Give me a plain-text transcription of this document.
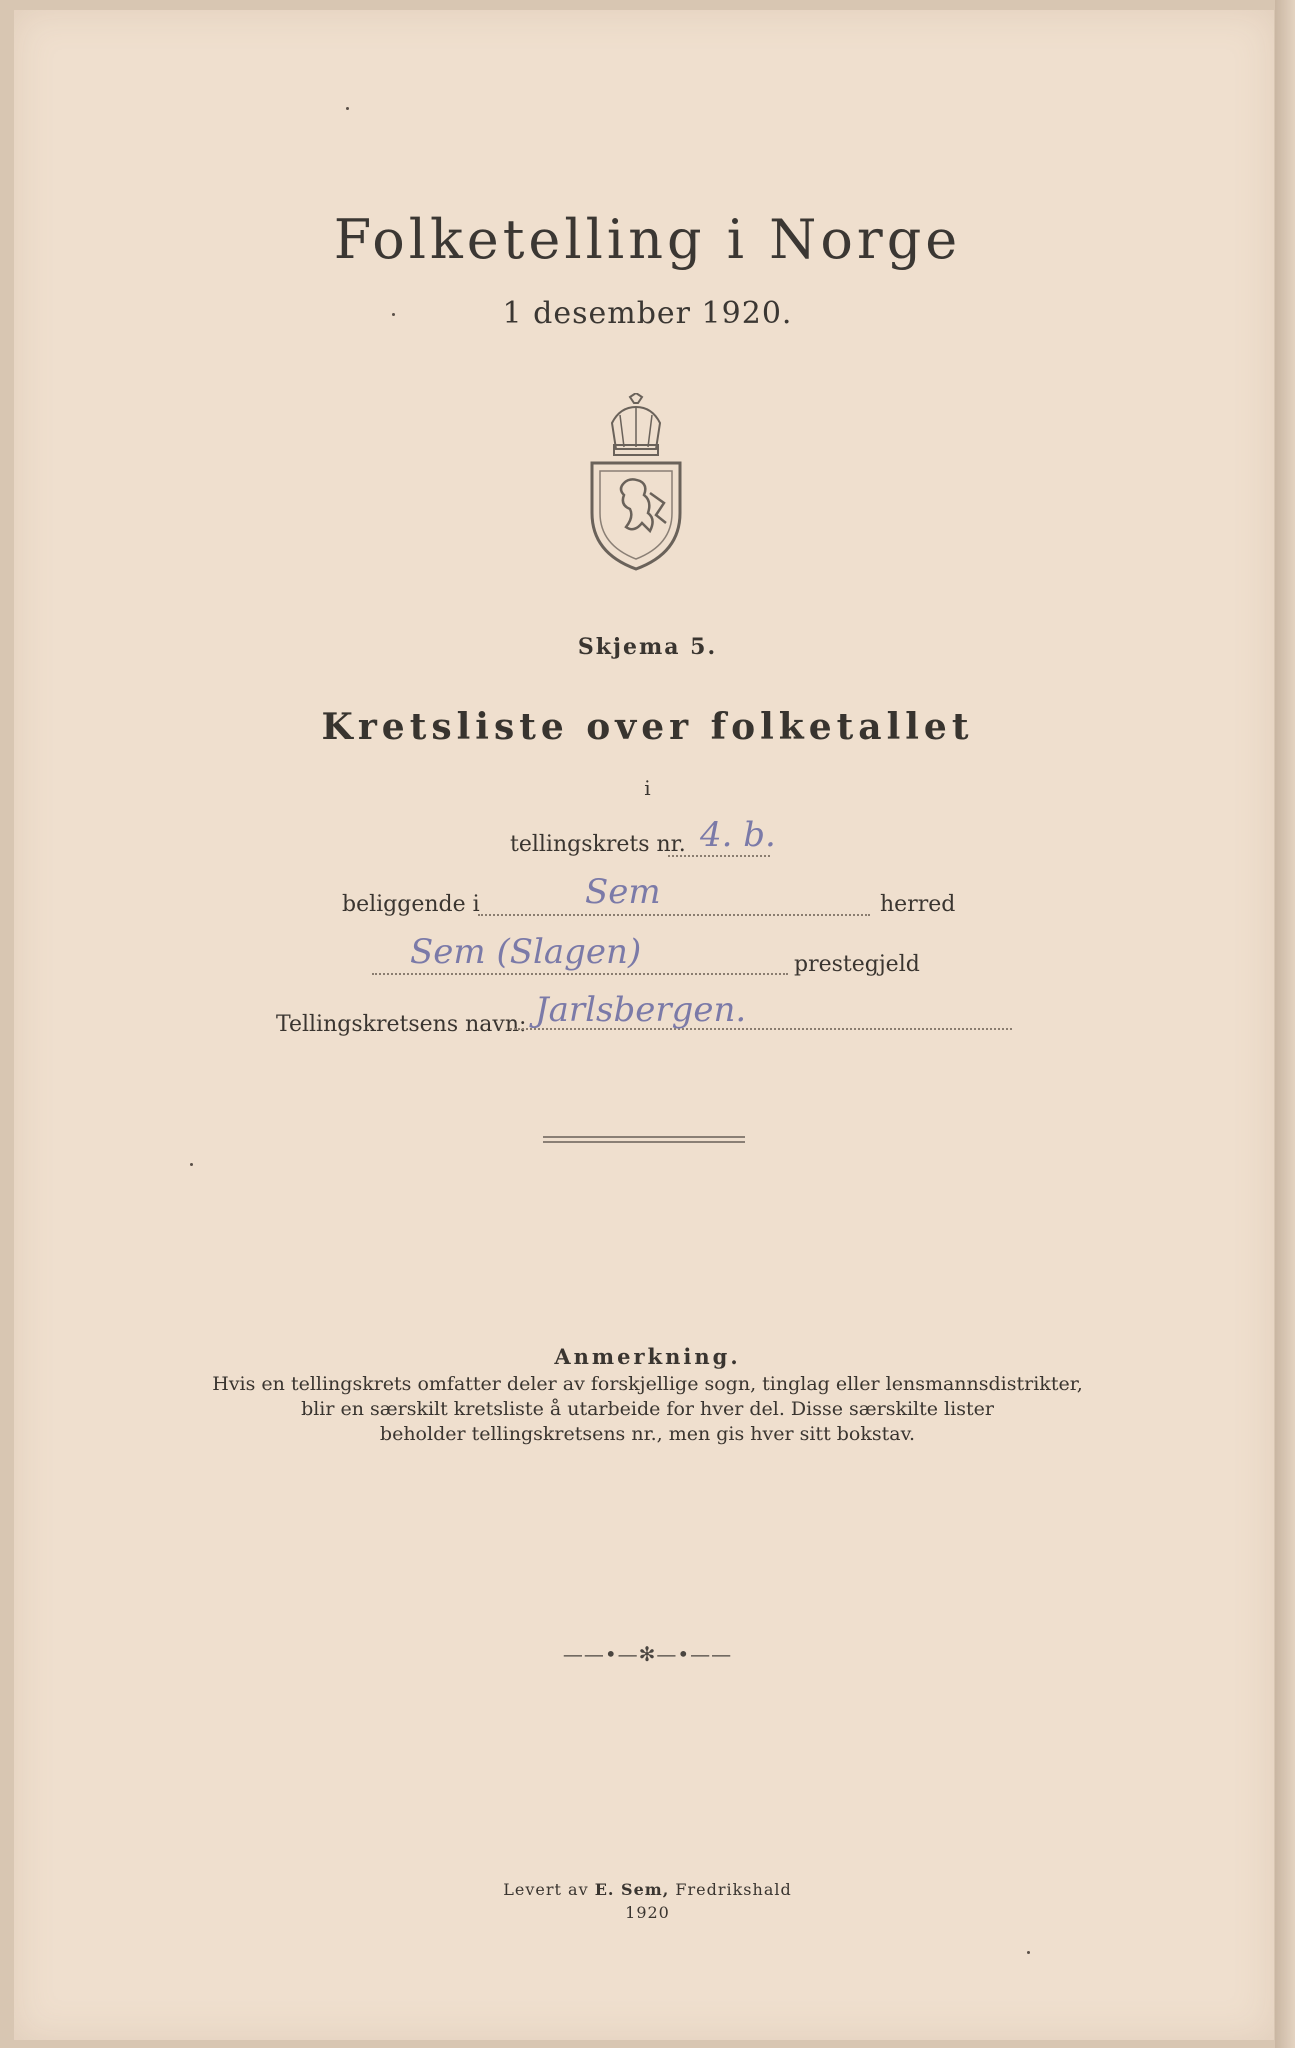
Folketelling i Norge
1 desember 1920.
Skjema 5.
Kretsliste over folketallet
i
tellingskrets nr. 4. b.
beliggende i	Sem	herred
Sem (Slagen)	prestegjeld
Tellingskretsens navn: Jarlsbergen.
Anmerkning.
Hvis en tellingskrets omfatter deler av forskjellige sogn, tinglag eller lensmannsdistrikter,
blir en særskilt kretsliste å utarbeide for hver del. Disse særskilte lister
beholder tellingskretsens nr., men gis hver sitt bokstav.
——•—✻—•——
Levert av E. Sem, Fredrikshald
1920
